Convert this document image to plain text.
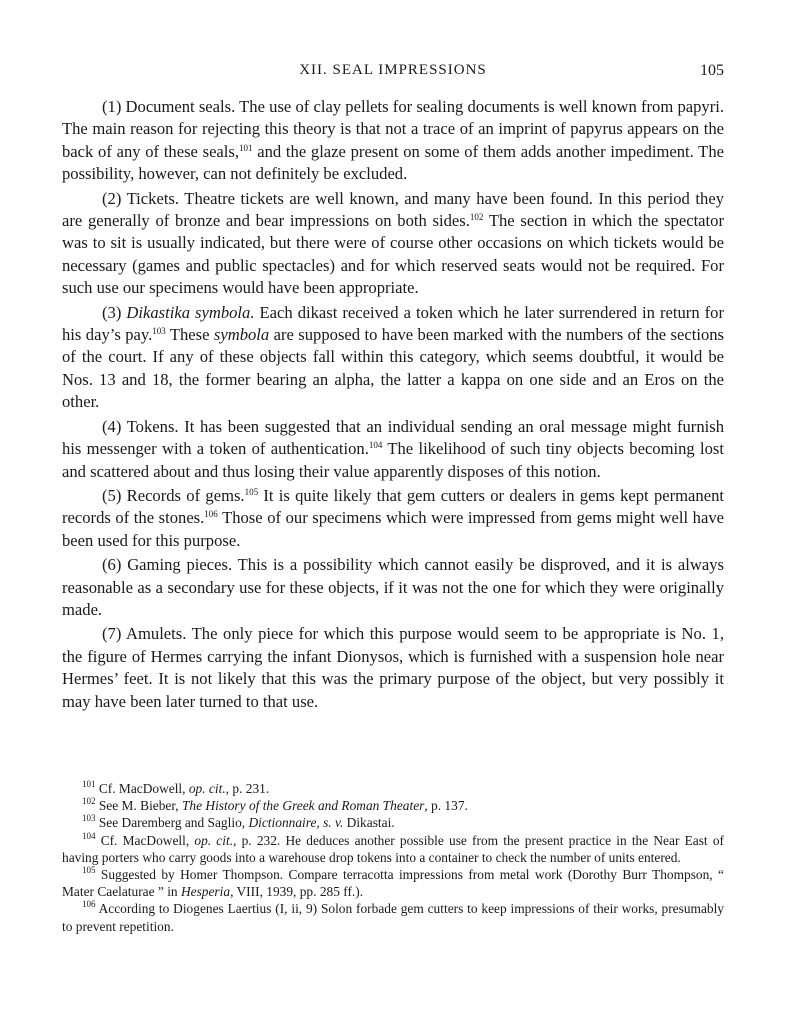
XII. SEAL IMPRESSIONS	105

(1) Document seals. The use of clay pellets for sealing documents is well known from papyri. The main reason for rejecting this theory is that not a trace of an imprint of papyrus appears on the back of any of these seals,$^{101}$ and the glaze present on some of them adds another impediment. The possibility, however, can not definitely be excluded.

(2) Tickets. Theatre tickets are well known, and many have been found. In this period they are generally of bronze and bear impressions on both sides.$^{102}$ The section in which the spectator was to sit is usually indicated, but there were of course other occasions on which tickets would be necessary (games and public spectacles) and for which reserved seats would not be required. For such use our specimens would have been appropriate.

(3) Dikastika symbola. Each dikast received a token which he later surrendered in return for his day’s pay.$^{103}$ These symbola are supposed to have been marked with the numbers of the sections of the court. If any of these objects fall within this category, which seems doubtful, it would be Nos. 13 and 18, the former bearing an alpha, the latter a kappa on one side and an Eros on the other.

(4) Tokens. It has been suggested that an individual sending an oral message might furnish his messenger with a token of authentication.$^{104}$ The likelihood of such tiny objects becoming lost and scattered about and thus losing their value apparently disposes of this notion.

(5) Records of gems.$^{105}$ It is quite likely that gem cutters or dealers in gems kept permanent records of the stones.$^{106}$ Those of our specimens which were impressed from gems might well have been used for this purpose.

(6) Gaming pieces. This is a possibility which cannot easily be disproved, and it is always reasonable as a secondary use for these objects, if it was not the one for which they were originally made.

(7) Amulets. The only piece for which this purpose would seem to be appropriate is No. 1, the figure of Hermes carrying the infant Dionysos, which is furnished with a suspension hole near Hermes’ feet. It is not likely that this was the primary purpose of the object, but very possibly it may have been later turned to that use.

$^{101}$ Cf. MacDowell, op. cit., p. 231.

$^{102}$ See M. Bieber, The History of the Greek and Roman Theater, p. 137.

$^{103}$ See Daremberg and Saglio, Dictionnaire, s. v. Dikastai.

$^{104}$ Cf. MacDowell, op. cit., p. 232. He deduces another possible use from the present practice in the Near East of having porters who carry goods into a warehouse drop tokens into a container to check the number of units entered.

$^{105}$ Suggested by Homer Thompson. Compare terracotta impressions from metal work (Dorothy Burr Thompson, “ Mater Caelaturae ” in Hesperia, VIII, 1939, pp. 285 ff.).

$^{106}$ According to Diogenes Laertius (I, ii, 9) Solon forbade gem cutters to keep impressions of their works, presumably to prevent repetition.
